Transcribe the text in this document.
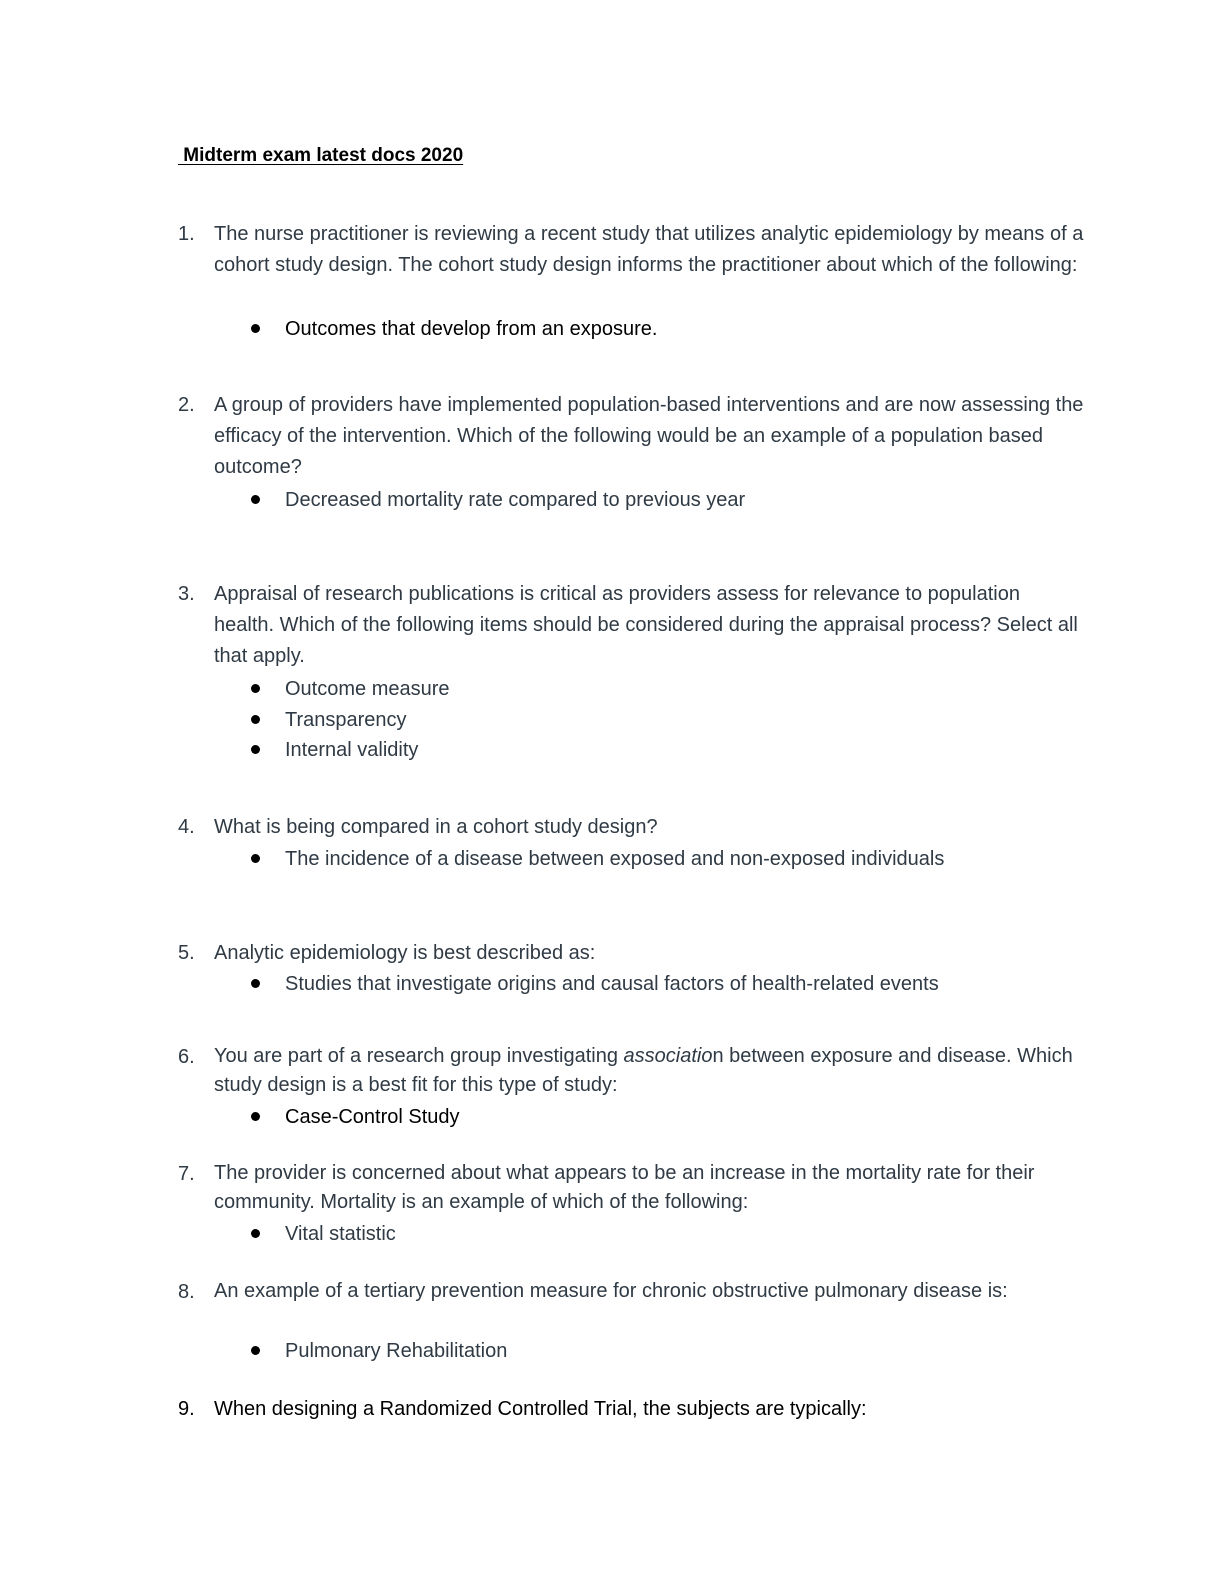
Midterm exam latest docs 2020
1. The nurse practitioner is reviewing a recent study that utilizes analytic epidemiology by means of a cohort study design. The cohort study design informs the practitioner about which of the following:
Outcomes that develop from an exposure.
2. A group of providers have implemented population-based interventions and are now assessing the efficacy of the intervention. Which of the following would be an example of a population based outcome?
Decreased mortality rate compared to previous year
3. Appraisal of research publications is critical as providers assess for relevance to population health. Which of the following items should be considered during the appraisal process? Select all that apply.
Outcome measure
Transparency
Internal validity
4. What is being compared in a cohort study design?
The incidence of a disease between exposed and non-exposed individuals
5. Analytic epidemiology is best described as:
Studies that investigate origins and causal factors of health-related events
6. You are part of a research group investigating association between exposure and disease. Which study design is a best fit for this type of study:
Case-Control Study
7. The provider is concerned about what appears to be an increase in the mortality rate for their community. Mortality is an example of which of the following:
Vital statistic
8. An example of a tertiary prevention measure for chronic obstructive pulmonary disease is:
Pulmonary Rehabilitation
9. When designing a Randomized Controlled Trial, the subjects are typically:
